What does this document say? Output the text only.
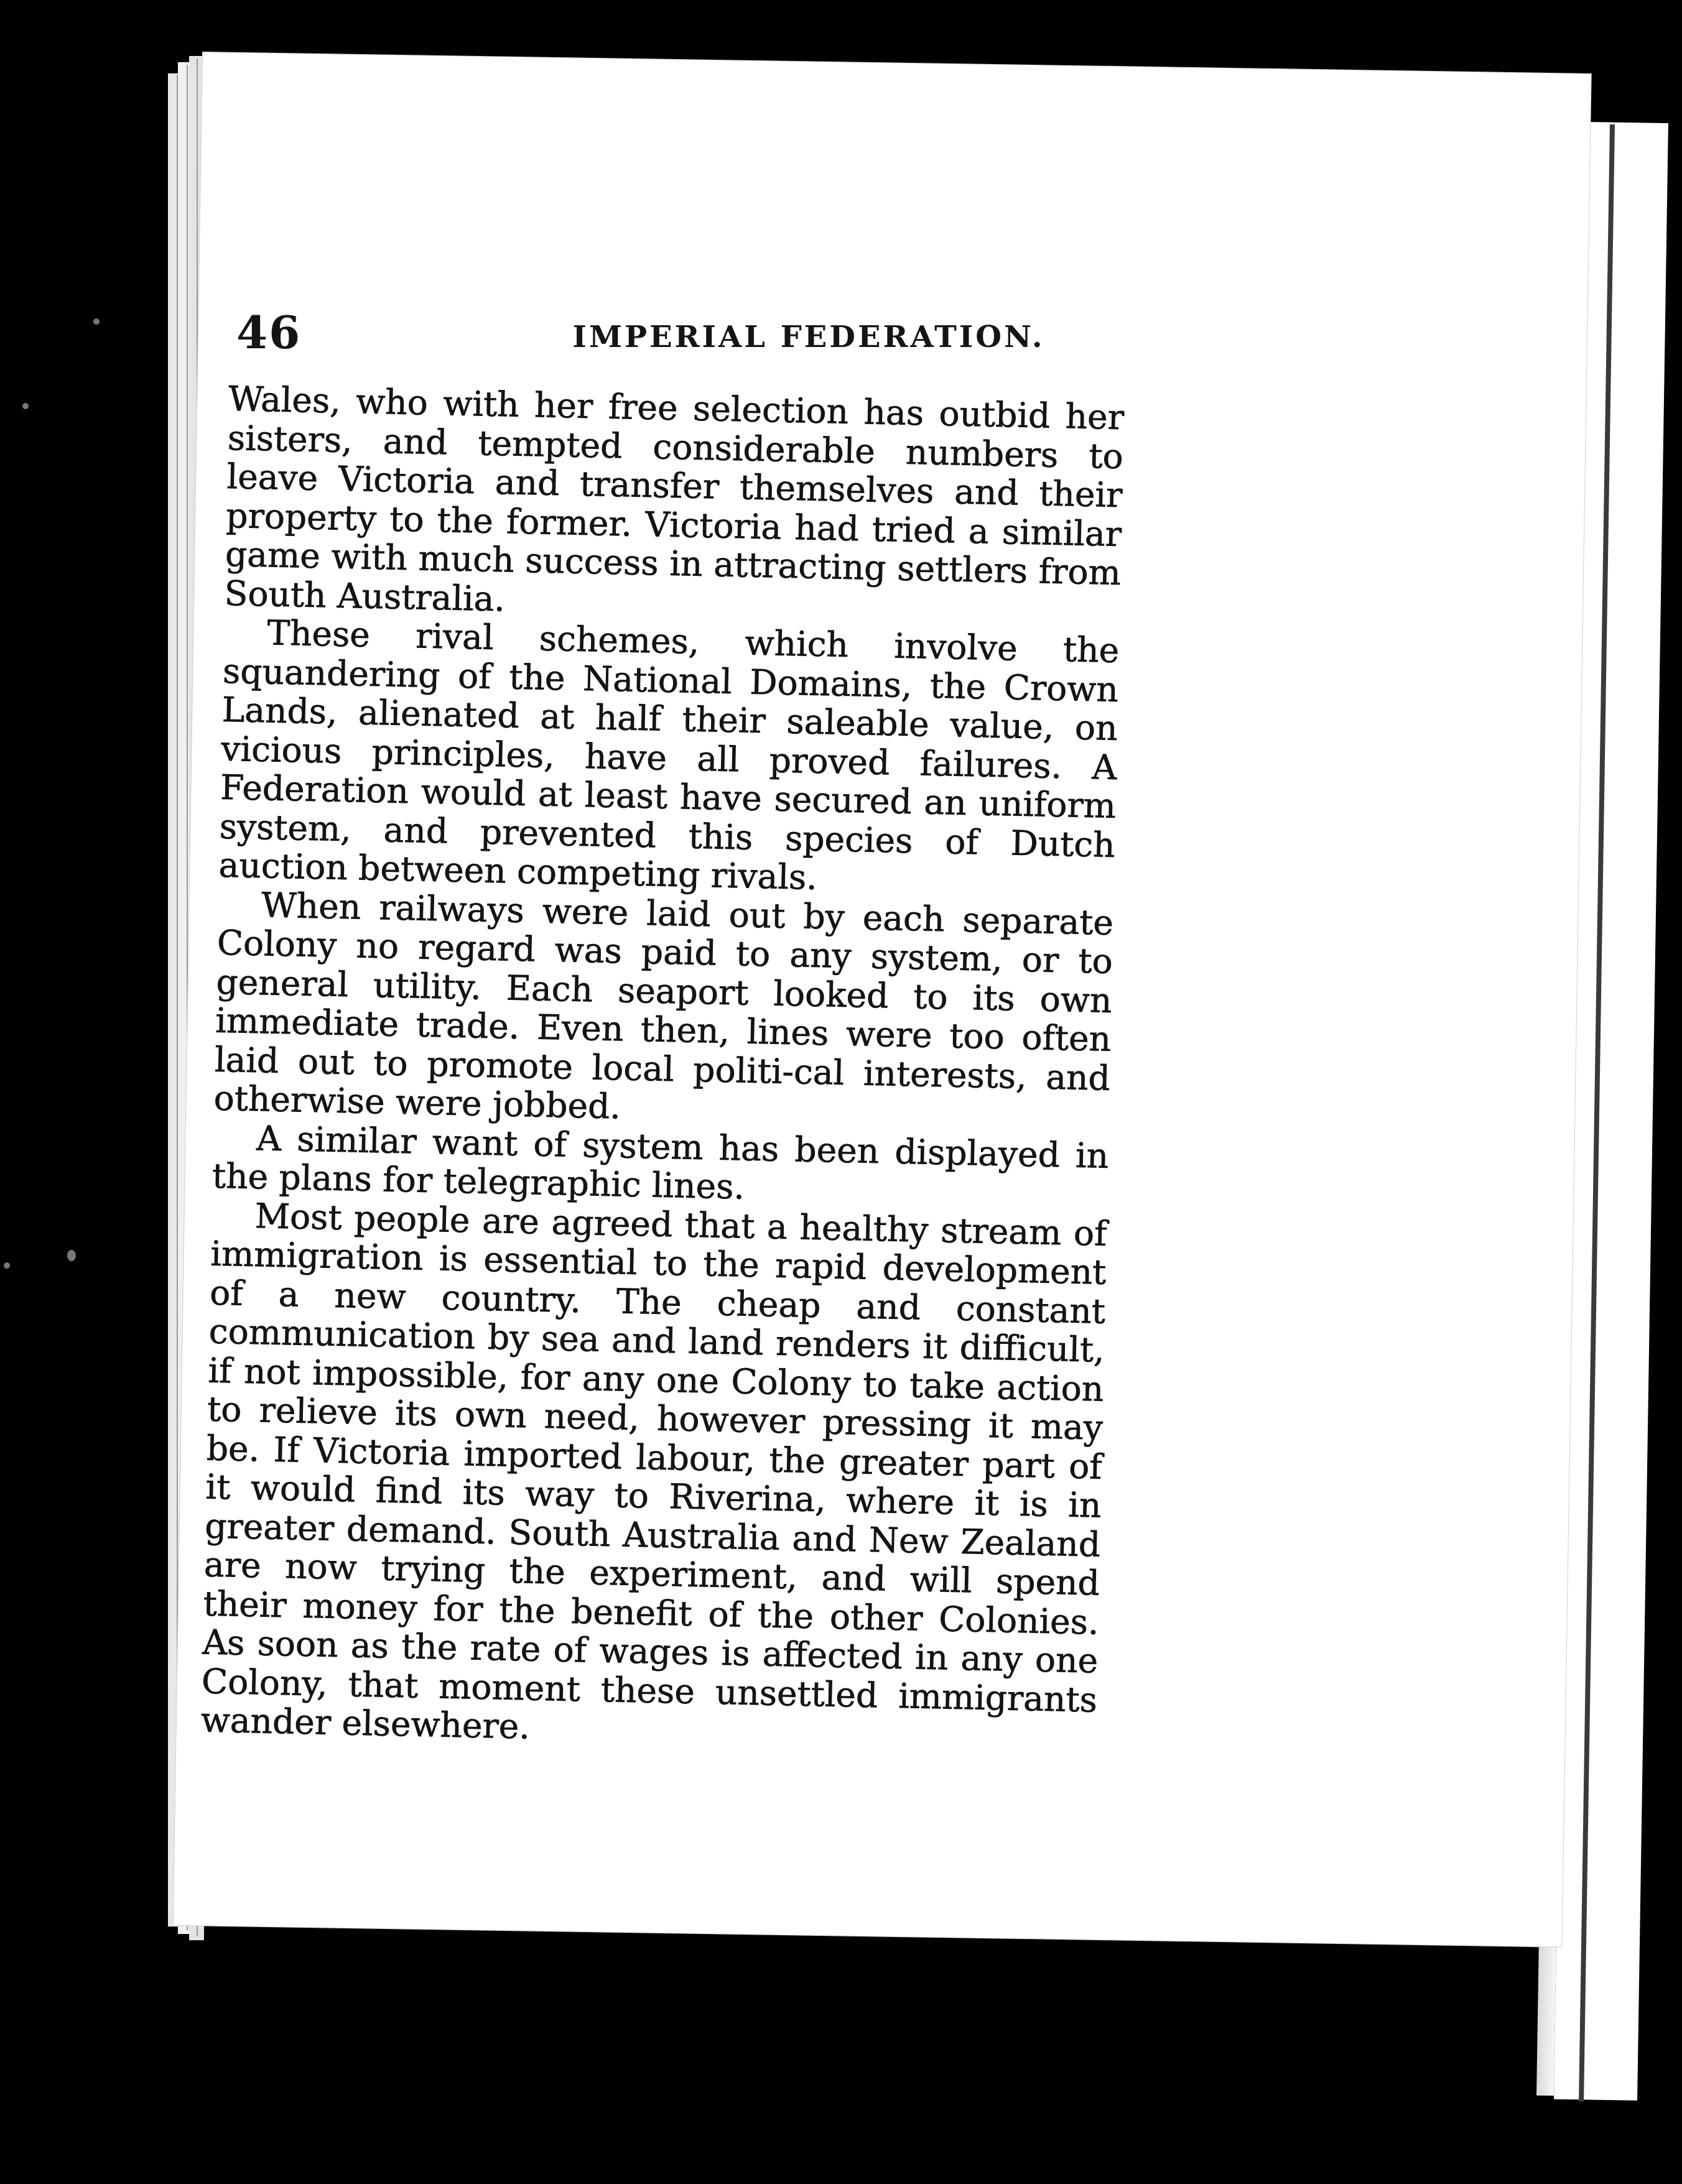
46	IMPERIAL FEDERATION.

Wales, who with her free selection has outbid her sisters, and tempted considerable numbers to leave Victoria and transfer themselves and their property to the former. Victoria had tried a similar game with much success in attracting settlers from South Australia.

These rival schemes, which involve the squandering of the National Domains, the Crown Lands, alienated at half their saleable value, on vicious principles, have all proved failures. A Federation would at least have secured an uniform system, and prevented this species of Dutch auction between competing rivals.

When railways were laid out by each separate Colony no regard was paid to any system, or to general utility. Each seaport looked to its own immediate trade. Even then, lines were too often laid out to promote local politi-cal interests, and otherwise were jobbed.

A similar want of system has been displayed in the plans for telegraphic lines.

Most people are agreed that a healthy stream of immigration is essential to the rapid development of a new country. The cheap and constant communication by sea and land renders it difficult, if not impossible, for any one Colony to take action to relieve its own need, however pressing it may be. If Victoria imported labour, the greater part of it would find its way to Riverina, where it is in greater demand. South Australia and New Zealand are now trying the experiment, and will spend their money for the benefit of the other Colonies. As soon as the rate of wages is affected in any one Colony, that moment these unsettled immigrants wander elsewhere.
